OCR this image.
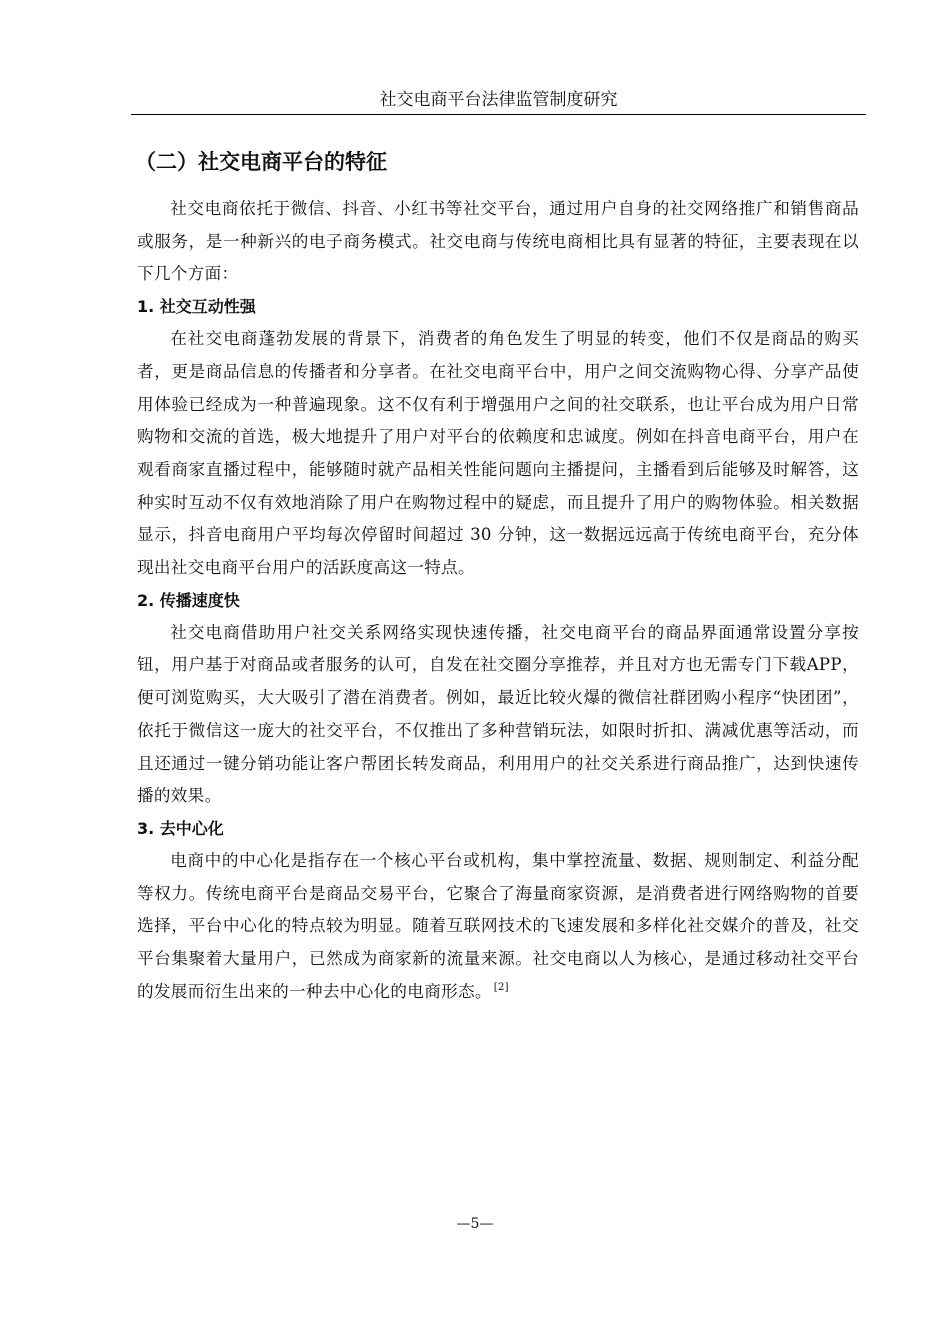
社交电商平台法律监管制度研究
（二）社交电商平台的特征

社交电商依托于微信、抖音、小红书等社交平台，通过用户自身的社交网络推广和销售商品或服务，是一种新兴的电子商务模式。社交电商与传统电商相比具有显著的特征，主要表现在以下几个方面：

1. 社交互动性强

在社交电商蓬勃发展的背景下，消费者的角色发生了明显的转变，他们不仅是商品的购买者，更是商品信息的传播者和分享者。在社交电商平台中，用户之间交流购物心得、分享产品使用体验已经成为一种普遍现象。这不仅有利于增强用户之间的社交联系，也让平台成为用户日常购物和交流的首选，极大地提升了用户对平台的依赖度和忠诚度。例如在抖音电商平台，用户在观看商家直播过程中，能够随时就产品相关性能问题向主播提问，主播看到后能够及时解答，这种实时互动不仅有效地消除了用户在购物过程中的疑虑，而且提升了用户的购物体验。相关数据显示，抖音电商用户平均每次停留时间超过 30 分钟，这一数据远远高于传统电商平台，充分体现出社交电商平台用户的活跃度高这一特点。

2. 传播速度快

社交电商借助用户社交关系网络实现快速传播，社交电商平台的商品界面通常设置分享按钮，用户基于对商品或者服务的认可，自发在社交圈分享推荐，并且对方也无需专门下载APP，便可浏览购买，大大吸引了潜在消费者。例如，最近比较火爆的微信社群团购小程序“快团团”，依托于微信这一庞大的社交平台，不仅推出了多种营销玩法，如限时折扣、满减优惠等活动，而且还通过一键分销功能让客户帮团长转发商品，利用用户的社交关系进行商品推广，达到快速传播的效果。

3. 去中心化

电商中的中心化是指存在一个核心平台或机构，集中掌控流量、数据、规则制定、利益分配等权力。传统电商平台是商品交易平台，它聚合了海量商家资源，是消费者进行网络购物的首要选择，平台中心化的特点较为明显。随着互联网技术的飞速发展和多样化社交媒介的普及，社交平台集聚着大量用户，已然成为商家新的流量来源。社交电商以人为核心，是通过移动社交平台的发展而衍生出来的一种去中心化的电商形态。 [2]

—5—
